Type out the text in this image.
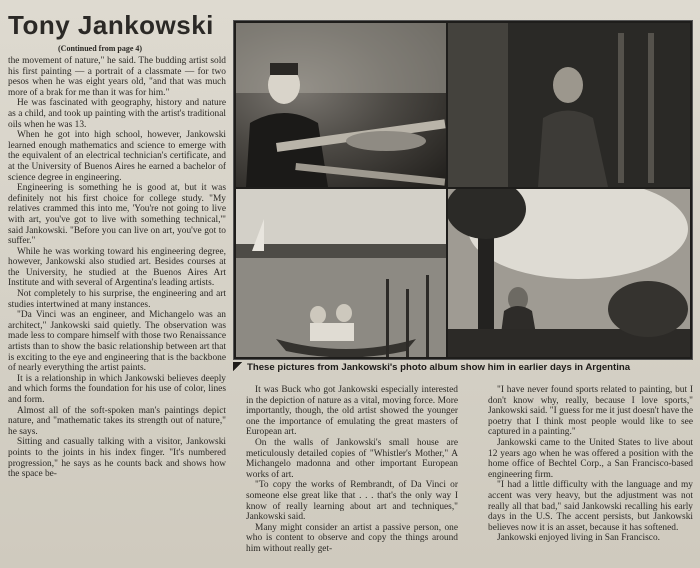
Tony Jankowski

(Continued from page 4)

the movement of nature," he said. The budding artist sold his first painting — a portrait of a classmate — for two pesos when he was eight years old, "and that was much more of a brak for me than it was for him."

He was fascinated with geography, history and nature as a child, and took up painting with the artist's traditional oils when he was 13.

When he got into high school, however, Jankowski learned enough mathematics and science to emerge with the equivalent of an electrical technician's certificate, and at the University of Buenos Aires he earned a bachelor of science degree in engineering.

Engineering is something he is good at, but it was definitely not his first choice for college study. "My relatives crammed this into me, 'You're not going to live with art, you've got to live with something technical,'" said Jankowski. "Before you can live on art, you've got to suffer."

While he was working toward his engineering degree, however, Jankowski also studied art. Besides courses at the University, he studied at the Buenos Aires Art Institute and with several of Argentina's leading artists.

Not completely to his surprise, the engineering and art studies intertwined at many instances.

"Da Vinci was an engineer, and Michangelo was an architect," Jankowski said quietly. The observation was made less to compare himself with those two Renaissance artists than to show the basic relationship between art that is exciting to the eye and engineering that is the backbone of nearly everything the artist paints.

It is a relationship in which Jankowski believes deeply and which forms the foundation for his use of color, lines and form.

Almost all of the soft-spoken man's paintings depict nature, and "mathematic takes its strength out of nature," he says.

Sitting and casually talking with a visitor, Jankowski points to the joints in his index finger. "It's numbered progression," he says as he counts back and shows how the space be-

These pictures from Jankowski's photo album show him in earlier days in Argentina

It was Buck who got Jankowski especially interested in the depiction of nature as a vital, moving force. More importantly, though, the old artist showed the younger one the importance of emulating the great masters of European art.

On the walls of Jankowski's small house are meticulously detailed copies of "Whistler's Mother," A Michangelo madonna and other important European works of art.

"To copy the works of Rembrandt, of Da Vinci or someone else great like that . . . that's the only way I know of really learning about art and techniques," Jankowski said.

Many might consider an artist a passive person, one who is content to observe and copy the things around him without really get-

"I have never found sports related to painting, but I don't know why, really, because I love sports," Jankowski said. "I guess for me it just doesn't have the poetry that I think most people would like to see captured in a painting."

Jankowski came to the United States to live about 12 years ago when he was offered a position with the home office of Bechtel Corp., a San Francisco-based engineering firm.

"I had a little difficulty with the language and my accent was very heavy, but the adjustment was not really all that bad," said Jankowski recalling his early days in the U.S. The accent persists, but Jankowski believes now it is an asset, because it has softened.

Jankowski enjoyed living in San Francisco.
